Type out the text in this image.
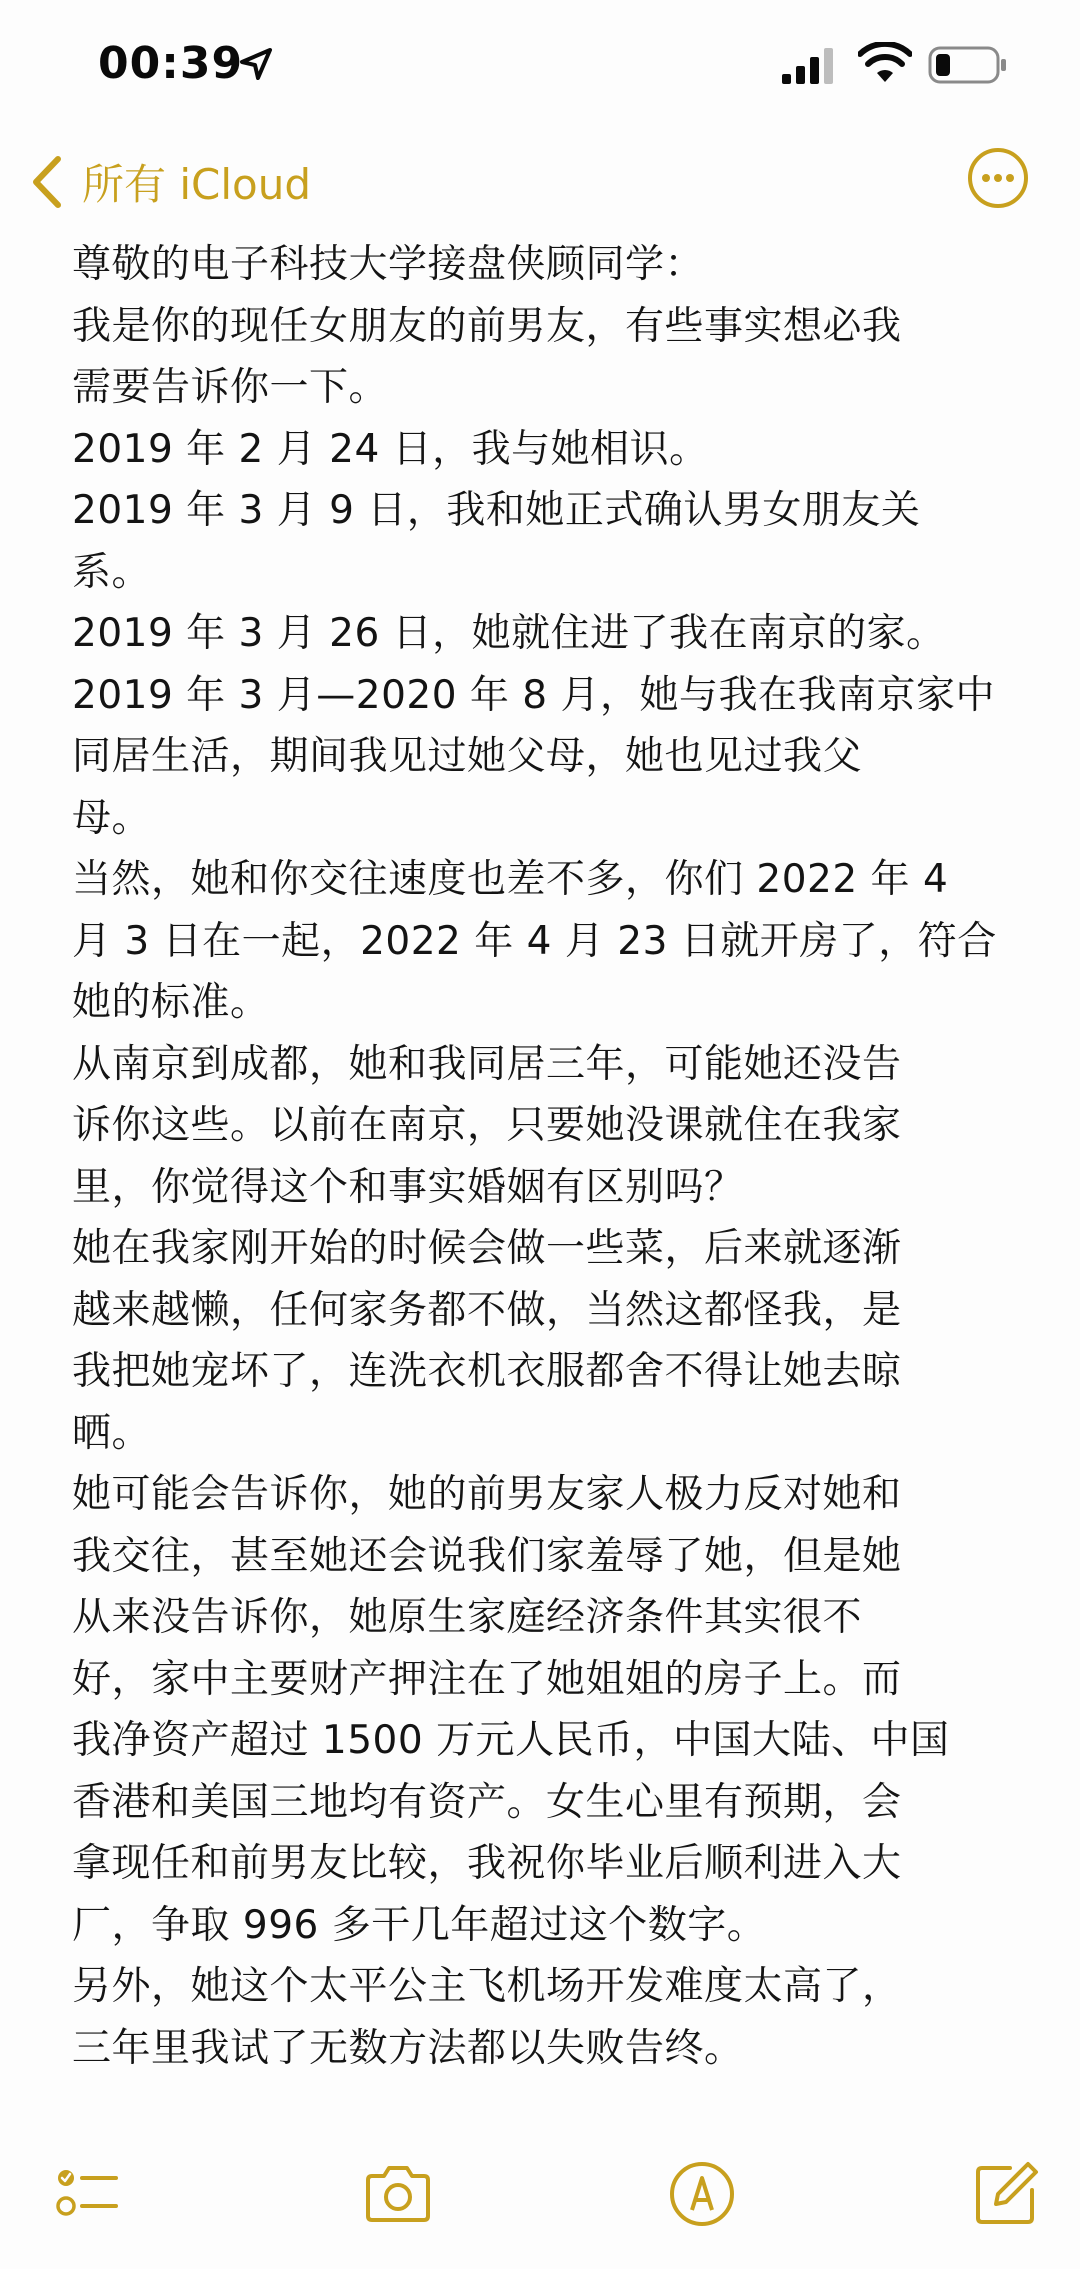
00:39
所有 iCloud
尊敬的电子科技大学接盘侠顾同学：
我是你的现任女朋友的前男友，有些事实想必我
需要告诉你一下。
2019 年 2 月 24 日，我与她相识。
2019 年 3 月 9 日，我和她正式确认男女朋友关
系。
2019 年 3 月 26 日，她就住进了我在南京的家。
2019 年 3 月—2020 年 8 月，她与我在我南京家中
同居生活，期间我见过她父母，她也见过我父
母。
当然，她和你交往速度也差不多，你们 2022 年 4
月 3 日在一起，2022 年 4 月 23 日就开房了，符合
她的标准。
从南京到成都，她和我同居三年，可能她还没告
诉你这些。以前在南京，只要她没课就住在我家
里，你觉得这个和事实婚姻有区别吗？
她在我家刚开始的时候会做一些菜，后来就逐渐
越来越懒，任何家务都不做，当然这都怪我，是
我把她宠坏了，连洗衣机衣服都舍不得让她去晾
晒。
她可能会告诉你，她的前男友家人极力反对她和
我交往，甚至她还会说我们家羞辱了她，但是她
从来没告诉你，她原生家庭经济条件其实很不
好，家中主要财产押注在了她姐姐的房子上。而
我净资产超过 1500 万元人民币，中国大陆、中国
香港和美国三地均有资产。女生心里有预期，会
拿现任和前男友比较，我祝你毕业后顺利进入大
厂，争取 996 多干几年超过这个数字。
另外，她这个太平公主飞机场开发难度太高了，
三年里我试了无数方法都以失败告终。
